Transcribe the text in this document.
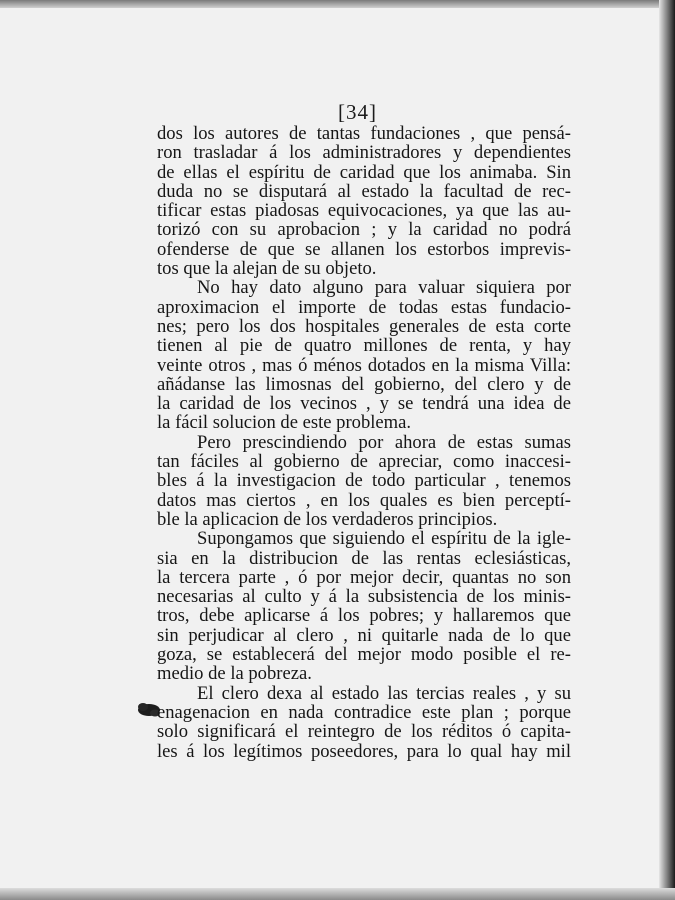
[34]
dos los autores de tantas fundaciones , que pensá-
ron trasladar á los administradores y dependientes
de ellas el espíritu de caridad que los animaba. Sin
duda no se disputará al estado la facultad de rec-
tificar estas piadosas equivocaciones, ya que las au-
torizó con su aprobacion ; y la caridad no podrá
ofenderse de que se allanen los estorbos imprevis-
tos que la alejan de su objeto.
No hay dato alguno para valuar siquiera por
aproximacion el importe de todas estas fundacio-
nes; pero los dos hospitales generales de esta corte
tienen al pie de quatro millones de renta, y hay
veinte otros , mas ó ménos dotados en la misma Villa:
añádanse las limosnas del gobierno, del clero y de
la caridad de los vecinos , y se tendrá una idea de
la fácil solucion de este problema.
Pero prescindiendo por ahora de estas sumas
tan fáciles al gobierno de apreciar, como inaccesi-
bles á la investigacion de todo particular , tenemos
datos mas ciertos , en los quales es bien perceptí-
ble la aplicacion de los verdaderos principios.
Supongamos que siguiendo el espíritu de la igle-
sia en la distribucion de las rentas eclesiásticas,
la tercera parte , ó por mejor decir, quantas no son
necesarias al culto y á la subsistencia de los minis-
tros, debe aplicarse á los pobres; y hallaremos que
sin perjudicar al clero , ni quitarle nada de lo que
goza, se establecerá del mejor modo posible el re-
medio de la pobreza.
El clero dexa al estado las tercias reales , y su
enagenacion en nada contradice este plan ; porque
solo significará el reintegro de los réditos ó capita-
les á los legítimos poseedores, para lo qual hay mil
